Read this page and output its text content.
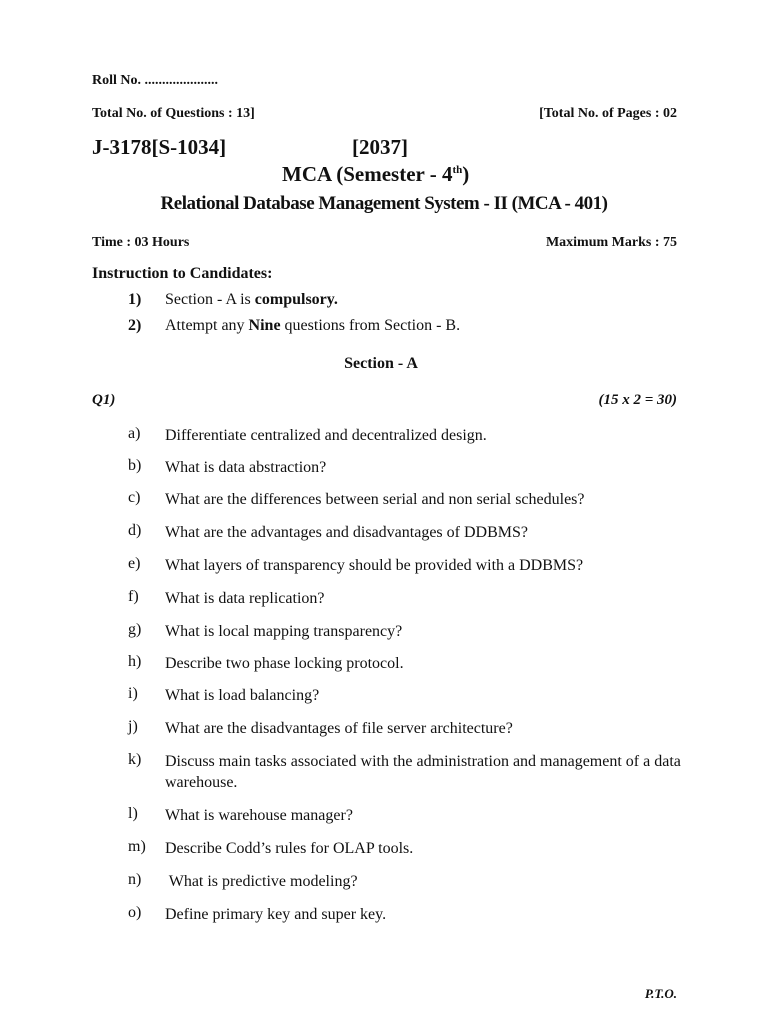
Roll No. .....................
Total No. of Questions : 13]	[Total No. of Pages : 02
J-3178[S-1034]	[2037]
MCA (Semester - 4th)
Relational Database Management System - II (MCA - 401)
Time : 03 Hours	Maximum Marks : 75
Instruction to Candidates:
1) Section - A is compulsory.
2) Attempt any Nine questions from Section - B.
Section - A
Q1)	(15 x 2 = 30)
a) Differentiate centralized and decentralized design.
b) What is data abstraction?
c) What are the differences between serial and non serial schedules?
d) What are the advantages and disadvantages of DDBMS?
e) What layers of transparency should be provided with a DDBMS?
f) What is data replication?
g) What is local mapping transparency?
h) Describe two phase locking protocol.
i) What is load balancing?
j) What are the disadvantages of file server architecture?
k) Discuss main tasks associated with the administration and management of a data warehouse.
l) What is warehouse manager?
m) Describe Codd’s rules for OLAP tools.
n) What is predictive modeling?
o) Define primary key and super key.
P.T.O.
